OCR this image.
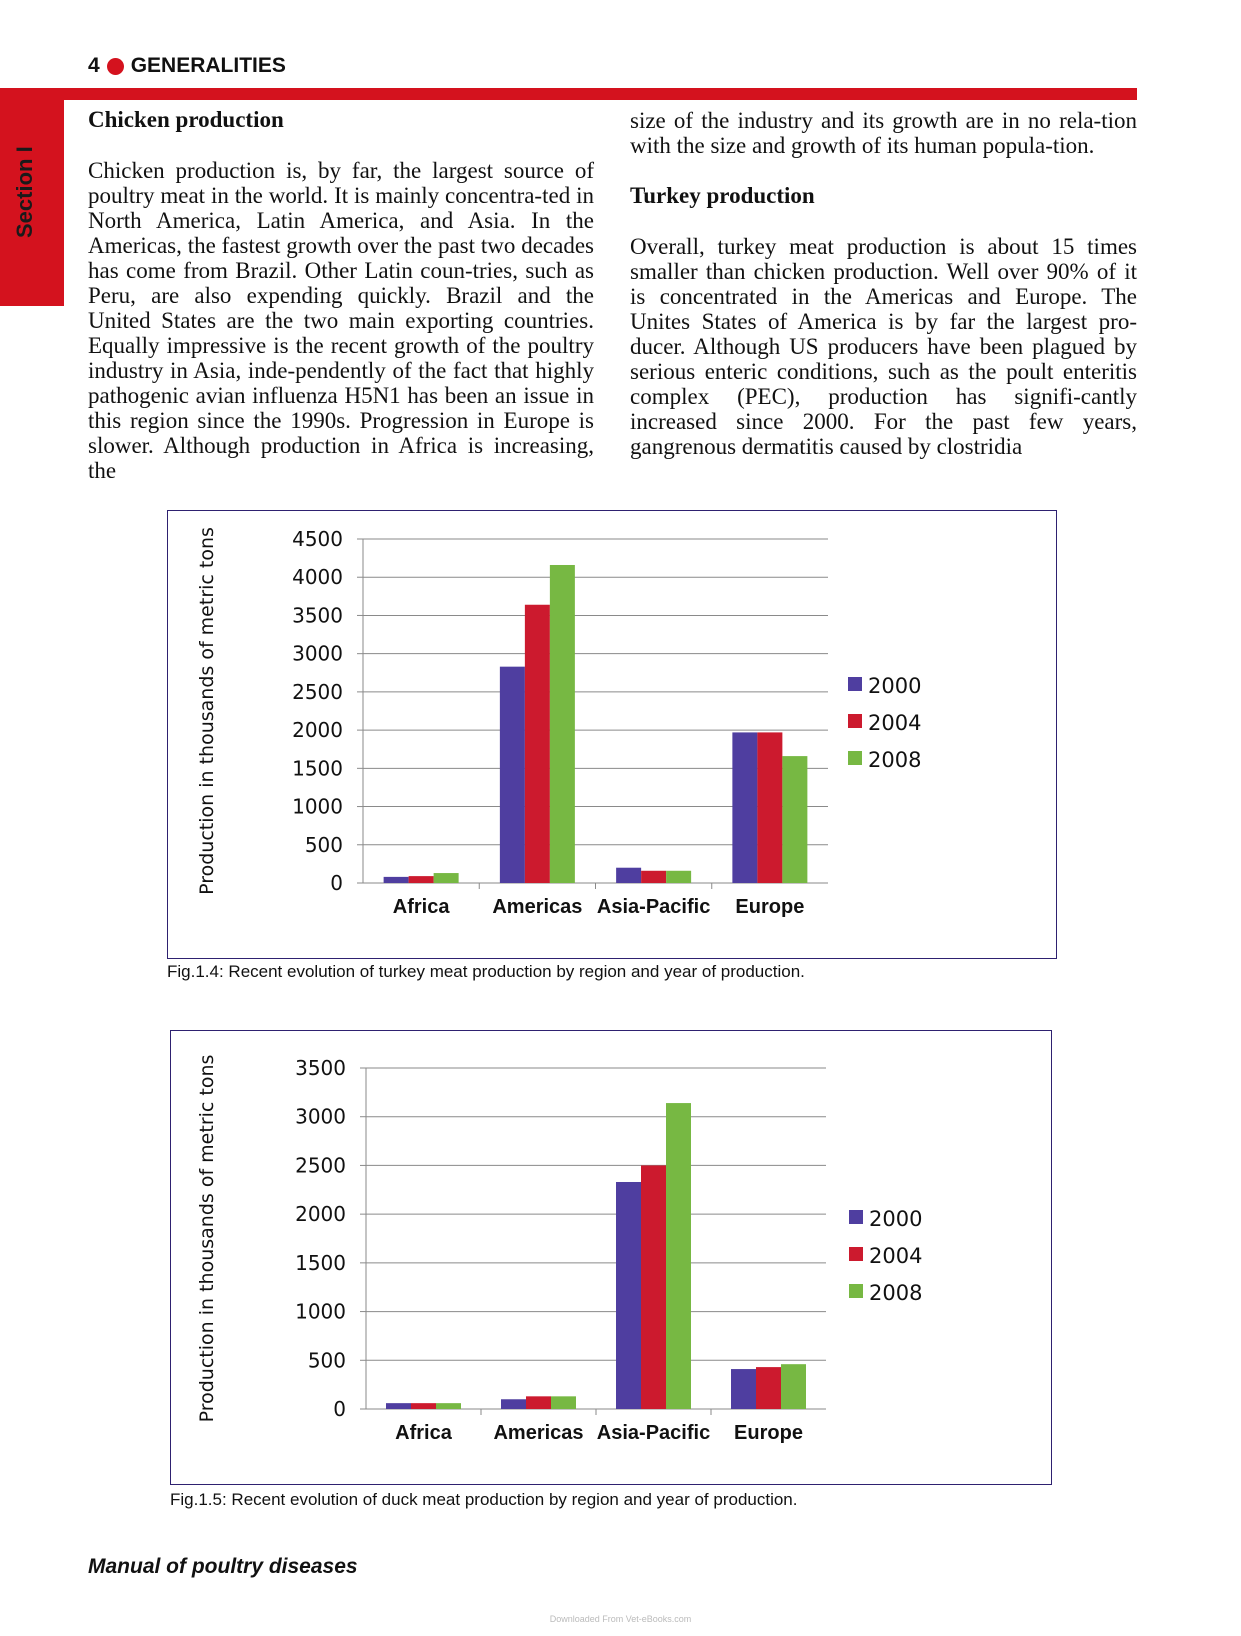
4 GENERALITIES
Section I
Chicken production

Chicken production is, by far, the largest source of poultry meat in the world. It is mainly concentra-ted in North America, Latin America, and Asia. In the Americas, the fastest growth over the past two decades has come from Brazil. Other Latin coun-tries, such as Peru, are also expending quickly. Brazil and the United States are the two main exporting countries. Equally impressive is the recent growth of the poultry industry in Asia, inde-pendently of the fact that highly pathogenic avian influenza H5N1 has been an issue in this region since the 1990s. Progression in Europe is slower. Although production in Africa is increasing, the

size of the industry and its growth are in no rela-tion with the size and growth of its human popula-tion.

Turkey production

Overall, turkey meat production is about 15 times smaller than chicken production. Well over 90% of it is concentrated in the Americas and Europe. The Unites States of America is by far the largest pro-ducer. Although US producers have been plagued by serious enteric conditions, such as the poult enteritis complex (PEC), production has signifi-cantly increased since 2000. For the past few years, gangrenous dermatitis caused by clostridia

0
500
1000
1500
2000
2500
3000
3500
4000
4500
Africa Americas Asia-Pacific Europe
Production in thousands of metric tons	2000
2004
2008
Fig.1.4: Recent evolution of turkey meat production by region and year of production.
0
500
1000
1500
2000
2500
3000
3500
Africa Americas Asia-Pacific Europe
Production in thousands of metric tons	2000
2004
2008
Fig.1.5: Recent evolution of duck meat production by region and year of production.
Manual of poultry diseases
Downloaded From Vet-eBooks.com
